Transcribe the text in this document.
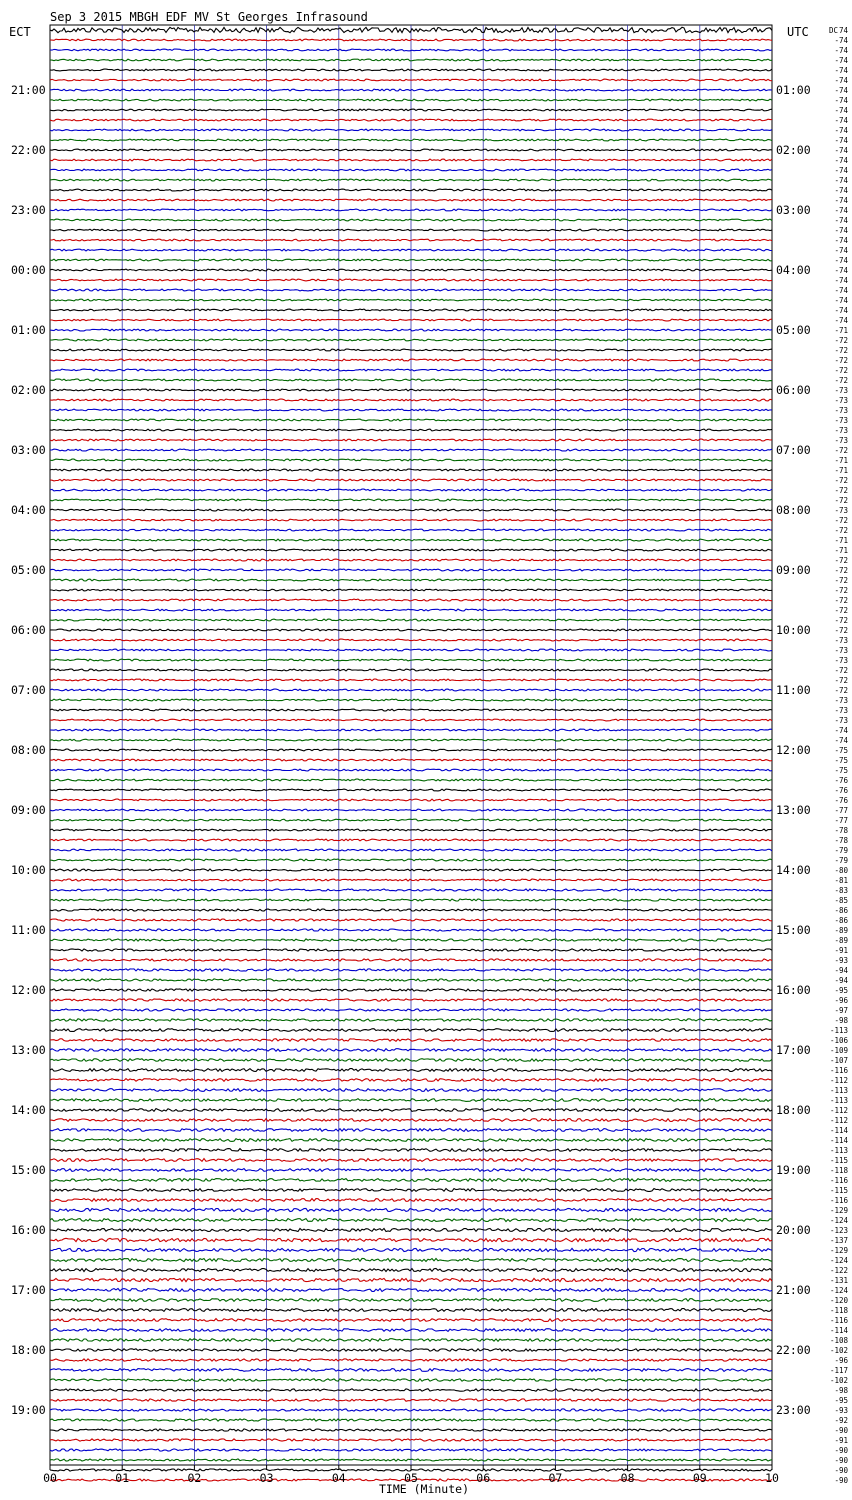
21:00
22:00
23:00
00:00
01:00
02:00
03:00
04:00
05:00
06:00
07:00
08:00
09:00
10:00
11:00
12:00
13:00
14:00
15:00
16:00
17:00
18:00
19:00
01:00
02:00
03:00
04:00
05:00
06:00
07:00
08:00
09:00
10:00
11:00
12:00
13:00
14:00
15:00
16:00
17:00
18:00
19:00
20:00
21:00
22:00
23:00
74
-74
-74
-74
-74
-74
-74
-74
-74
-74
-74
-74
-74
-74
-74
-74
-74
-74
-74
-74
-74
-74
-74
-74
-74
-74
-74
-74
-74
-74
-71
-72
-72
-72
-72
-72
-73
-73
-73
-73
-73
-73
-72
-71
-71
-72
-72
-72
-73
-72
-72
-71
-71
-72
-72
-72
-72
-72
-72
-72
-72
-73
-73
-73
-72
-72
-72
-73
-73
-73
-74
-74
-75
-75
-75
-76
-76
-76
-77
-77
-78
-78
-79
-79
-80
-81
-83
-85
-86
-86
-89
-89
-91
-93
-94
-94
-95
-96
-97
-98
-113
-106
-109
-107
-116
-112
-113
-113
-112
-112
-114
-114
-113
-115
-118
-116
-115
-116
-129
-124
-123
-137
-129
-124
-122
-131
-124
-120
-118
-116
-114
-108
-102
-96
-117
-102
-98
-95
-93
-92
-90
-91
-90
-90
-90
-90
00	01	02	03	04	05	06	07	08	09	10
Sep 3 2015 MBGH EDF MV St Georges Infrasound
ECT	UTC	DC
TIME (Minute)
